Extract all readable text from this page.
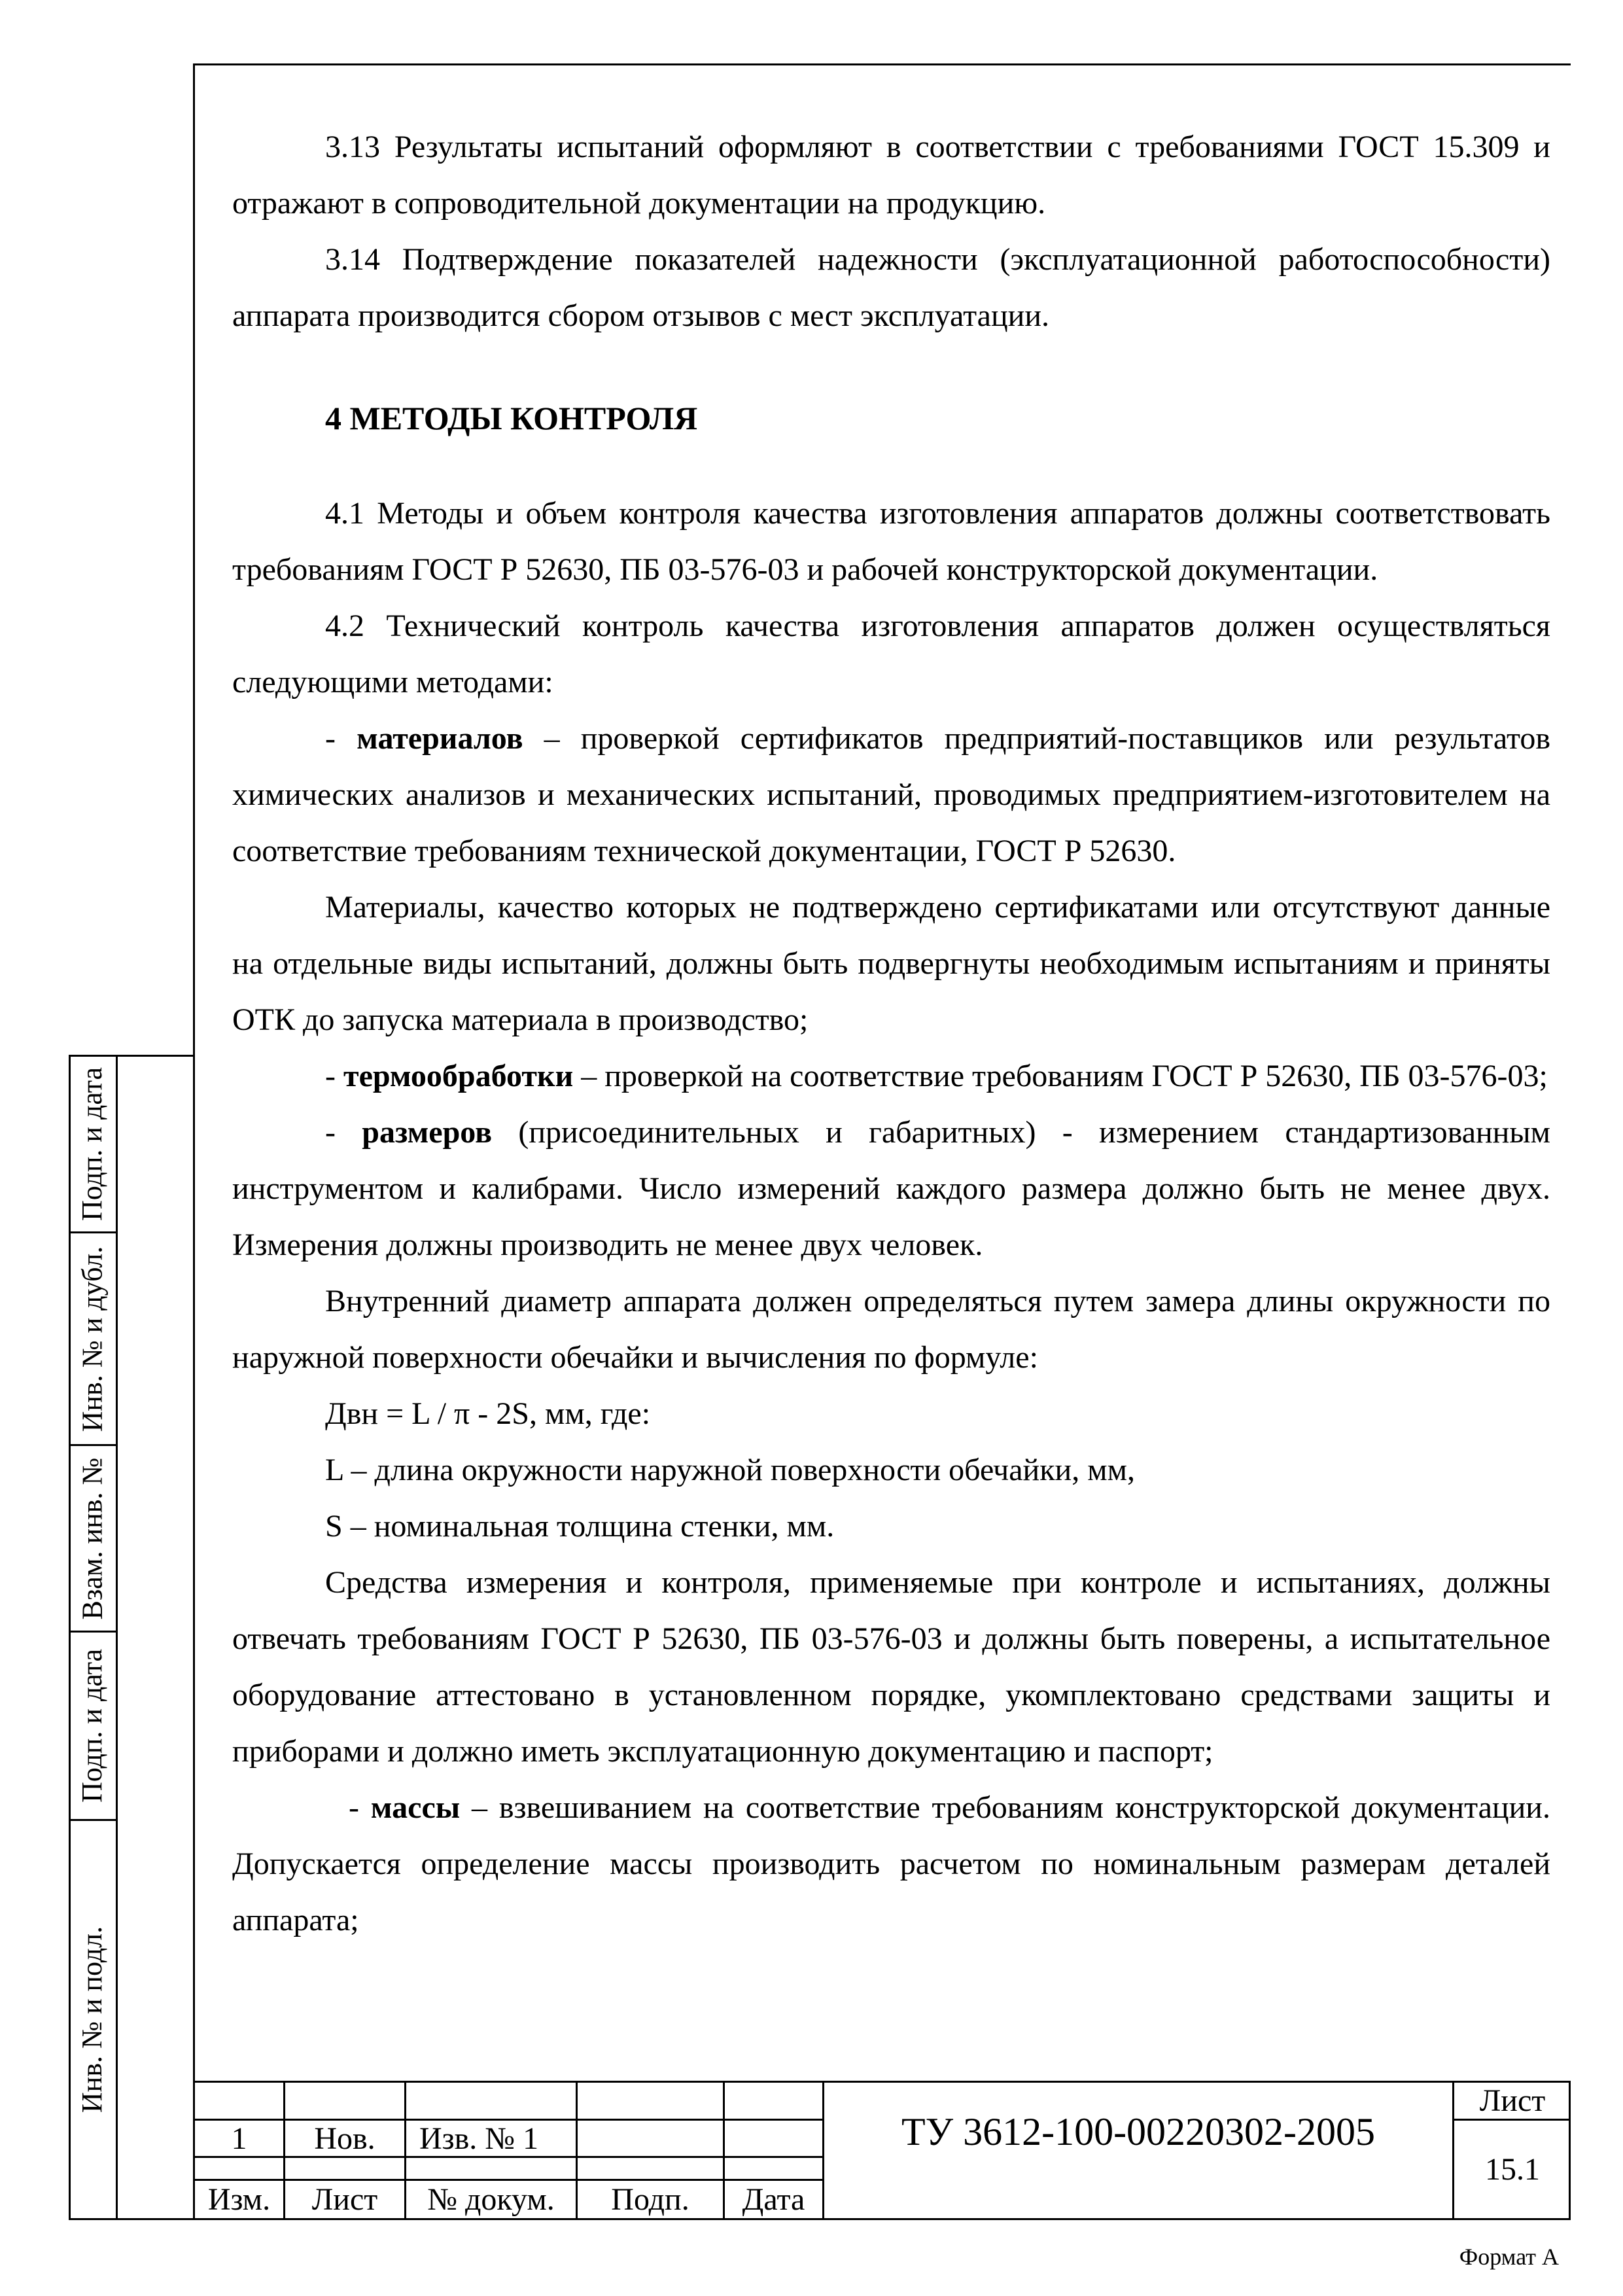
Подп. и дата
Инв. № и дубл.
Взам. инв. №
Подп. и дата
Инв. № и подл.

3.13 Результаты испытаний оформляют в соответствии с требованиями ГОСТ 15.309 и отражают в сопроводительной документации на продукцию.

3.14 Подтверждение показателей надежности (эксплуатационной работоспособности) аппарата производится сбором отзывов с мест эксплуатации.

4 МЕТОДЫ КОНТРОЛЯ

4.1 Методы и объем контроля качества изготовления аппаратов должны соответствовать требованиям ГОСТ Р 52630, ПБ 03-576-03 и рабочей конструкторской документации.

4.2 Технический контроль качества изготовления аппаратов должен осуществляться следующими методами:

- материалов – проверкой сертификатов предприятий-поставщиков или результатов химических анализов и механических испытаний, проводимых предприятием-изготовителем на соответствие требованиям технической документации, ГОСТ Р 52630.

Материалы, качество которых не подтверждено сертификатами или отсутствуют данные на отдельные виды испытаний, должны быть подвергнуты необходимым испытаниям и приняты ОТК до запуска материала в производство;

- термообработки – проверкой на соответствие требованиям ГОСТ Р 52630, ПБ 03-576-03;

- размеров (присоединительных и габаритных) - измерением стандартизованным инструментом и калибрами. Число измерений каждого размера должно быть не менее двух. Измерения должны производить не менее двух человек.

Внутренний диаметр аппарата должен определяться путем замера длины окружности по наружной поверхности обечайки и вычисления по формуле:

Двн = L / π - 2S, мм, где:
L – длина окружности наружной поверхности обечайки, мм,
S – номинальная толщина стенки, мм.

Средства измерения и контроля, применяемые при контроле и испытаниях, должны отвечать требованиям ГОСТ Р 52630, ПБ 03-576-03 и должны быть поверены, а испытательное оборудование аттестовано в установленном порядке, укомплектовано средствами защиты и приборами и должно иметь эксплуатационную документацию и паспорт;

- массы – взвешиванием на соответствие требованиям конструкторской документации. Допускается определение массы производить расчетом по номинальным размерам деталей аппарата;

1	Нов.	Изв. № 1
Изм.	Лист	№ докум.	Подп.	Дата
ТУ 3612-100-00220302-2005
Лист
15.1
Формат А
